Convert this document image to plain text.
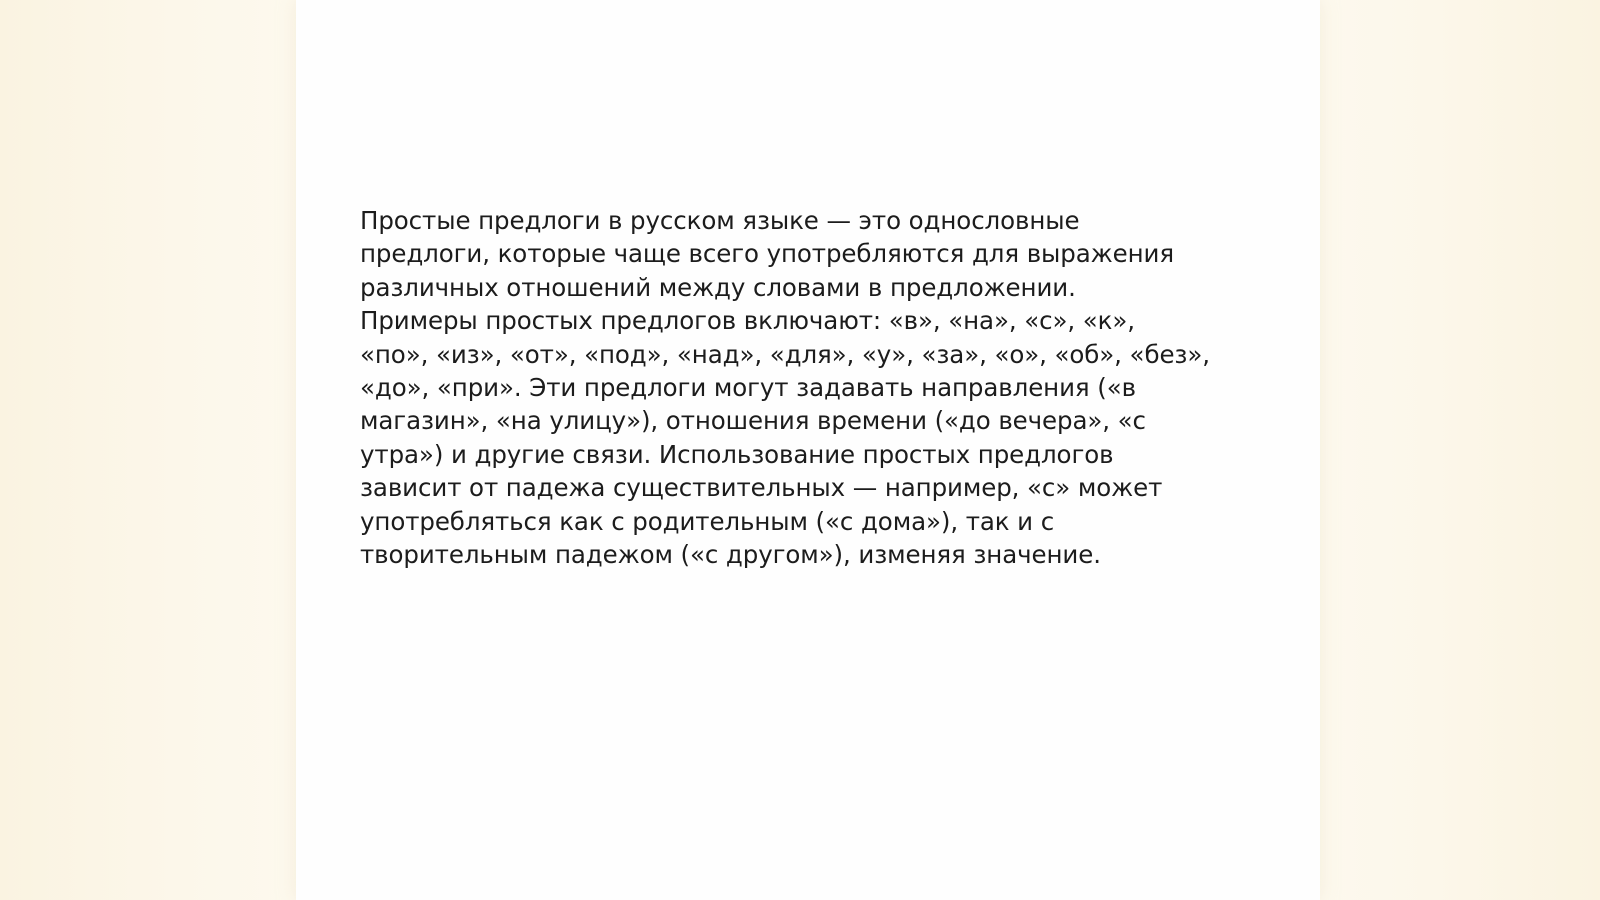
Простые предлоги в русском языке — это однословные
предлоги, которые чаще всего употребляются для выражения
различных отношений между словами в предложении.
Примеры простых предлогов включают: «в», «на», «с», «к»,
«по», «из», «от», «под», «над», «для», «у», «за», «о», «об», «без»,
«до», «при». Эти предлоги могут задавать направления («в
магазин», «на улицу»), отношения времени («до вечера», «с
утра») и другие связи. Использование простых предлогов
зависит от падежа существительных — например, «с» может
употребляться как с родительным («с дома»), так и с
творительным падежом («с другом»), изменяя значение.
